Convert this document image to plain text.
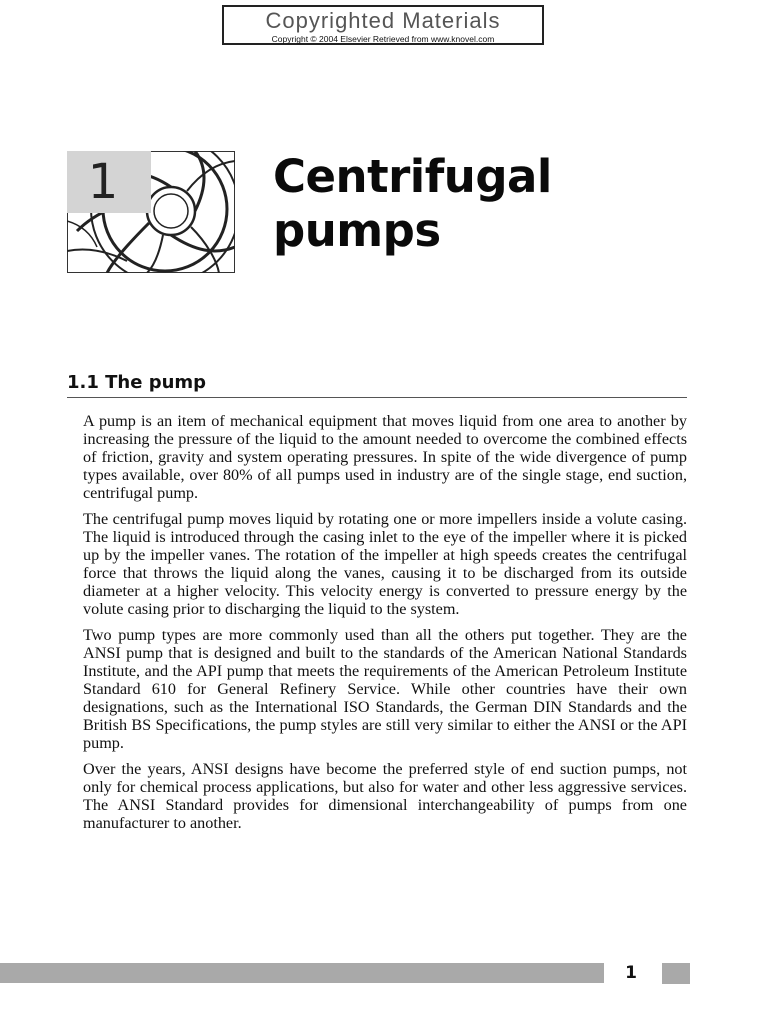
Copyrighted Materials
Copyright © 2004 Elsevier Retrieved from www.knovel.com
1	Centrifugal
pumps
1.1 The pump

A pump is an item of mechanical equipment that moves liquid from one area to another by increasing the pressure of the liquid to the amount needed to overcome the combined effects of friction, gravity and system operating pressures. In spite of the wide divergence of pump types available, over 80% of all pumps used in industry are of the single stage, end suction, centrifugal pump.

The centrifugal pump moves liquid by rotating one or more impellers inside a volute casing. The liquid is introduced through the casing inlet to the eye of the impeller where it is picked up by the impeller vanes. The rotation of the impeller at high speeds creates the centrifugal force that throws the liquid along the vanes, causing it to be discharged from its outside diameter at a higher velocity. This velocity energy is converted to pressure energy by the volute casing prior to discharging the liquid to the system.

Two pump types are more commonly used than all the others put together. They are the ANSI pump that is designed and built to the standards of the American National Standards Institute, and the API pump that meets the requirements of the American Petroleum Institute Standard 610 for General Refinery Service. While other countries have their own designations, such as the International ISO Standards, the German DIN Standards and the British BS Specifications, the pump styles are still very similar to either the ANSI or the API pump.

Over the years, ANSI designs have become the preferred style of end suction pumps, not only for chemical process applications, but also for water and other less aggressive services. The ANSI Standard provides for dimensional interchangeability of pumps from one manufacturer to another.

1
